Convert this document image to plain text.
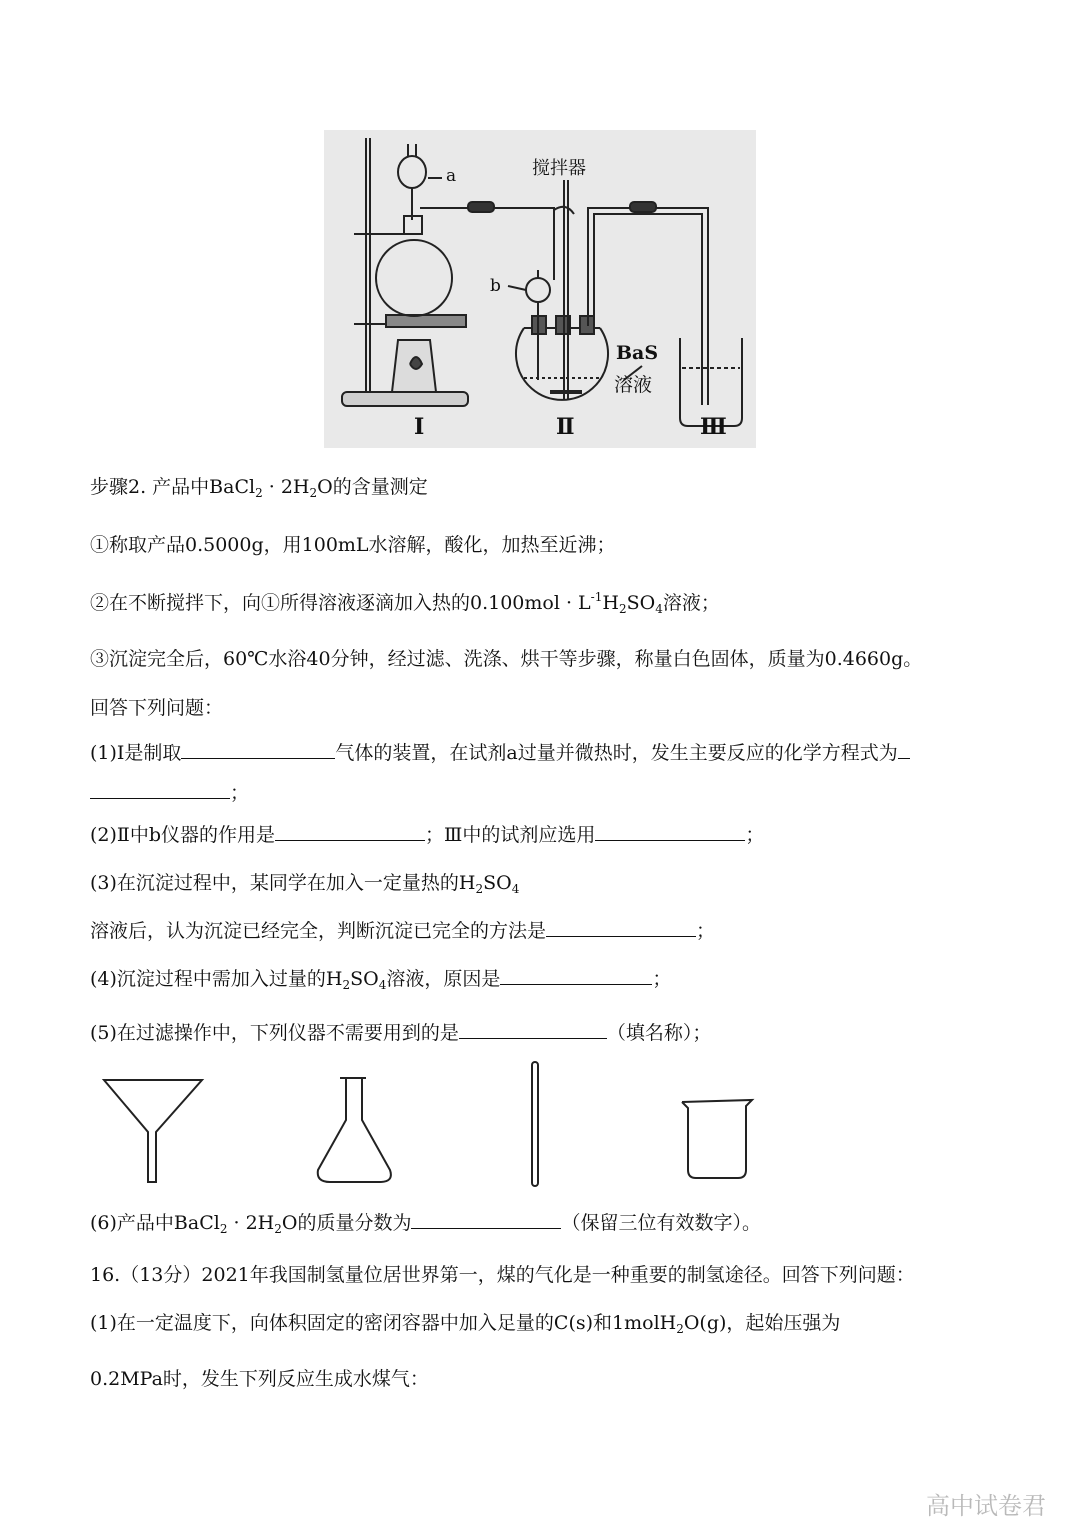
a
b
搅拌器
BaS
溶液
Ⅰ	Ⅱ	Ⅲ
步骤2. 产品中BaCl$_2$ · $2H_2O$的含量测定
①称取产品0.5000g，用100mL水溶解，酸化，加热至近沸；
②在不断搅拌下，向①所得溶液逐滴加入热的$0.100mol \cdot L^{-1}H_2SO_4$溶液；
③沉淀完全后，60℃水浴40分钟，经过滤、洗涤、烘干等步骤，称量白色固体，质量为0.4660g。
回答下列问题：
(1)Ⅰ是制取	气体的装置，在试剂a过量并微热时，发生主要反应的化学方程式为
；
(2)Ⅱ中b仪器的作用是	；Ⅲ中的试剂应选用	；
(3)在沉淀过程中，某同学在加入一定量热的$H_2SO_4$
溶液后，认为沉淀已经完全，判断沉淀已完全的方法是	；
(4)沉淀过程中需加入过量的$H_2SO_4$溶液，原因是	；
(5)在过滤操作中，下列仪器不需要用到的是	（填名称）；
(6)产品中BaCl$_2$ · $2H_2O$的质量分数为	（保留三位有效数字）。
16.（13分）2021年我国制氢量位居世界第一，煤的气化是一种重要的制氢途径。回答下列问题：
(1)在一定温度下，向体积固定的密闭容器中加入足量的C(s)和1molH$_2$O(g)，起始压强为
0.2MPa时，发生下列反应生成水煤气：
高中试卷君
